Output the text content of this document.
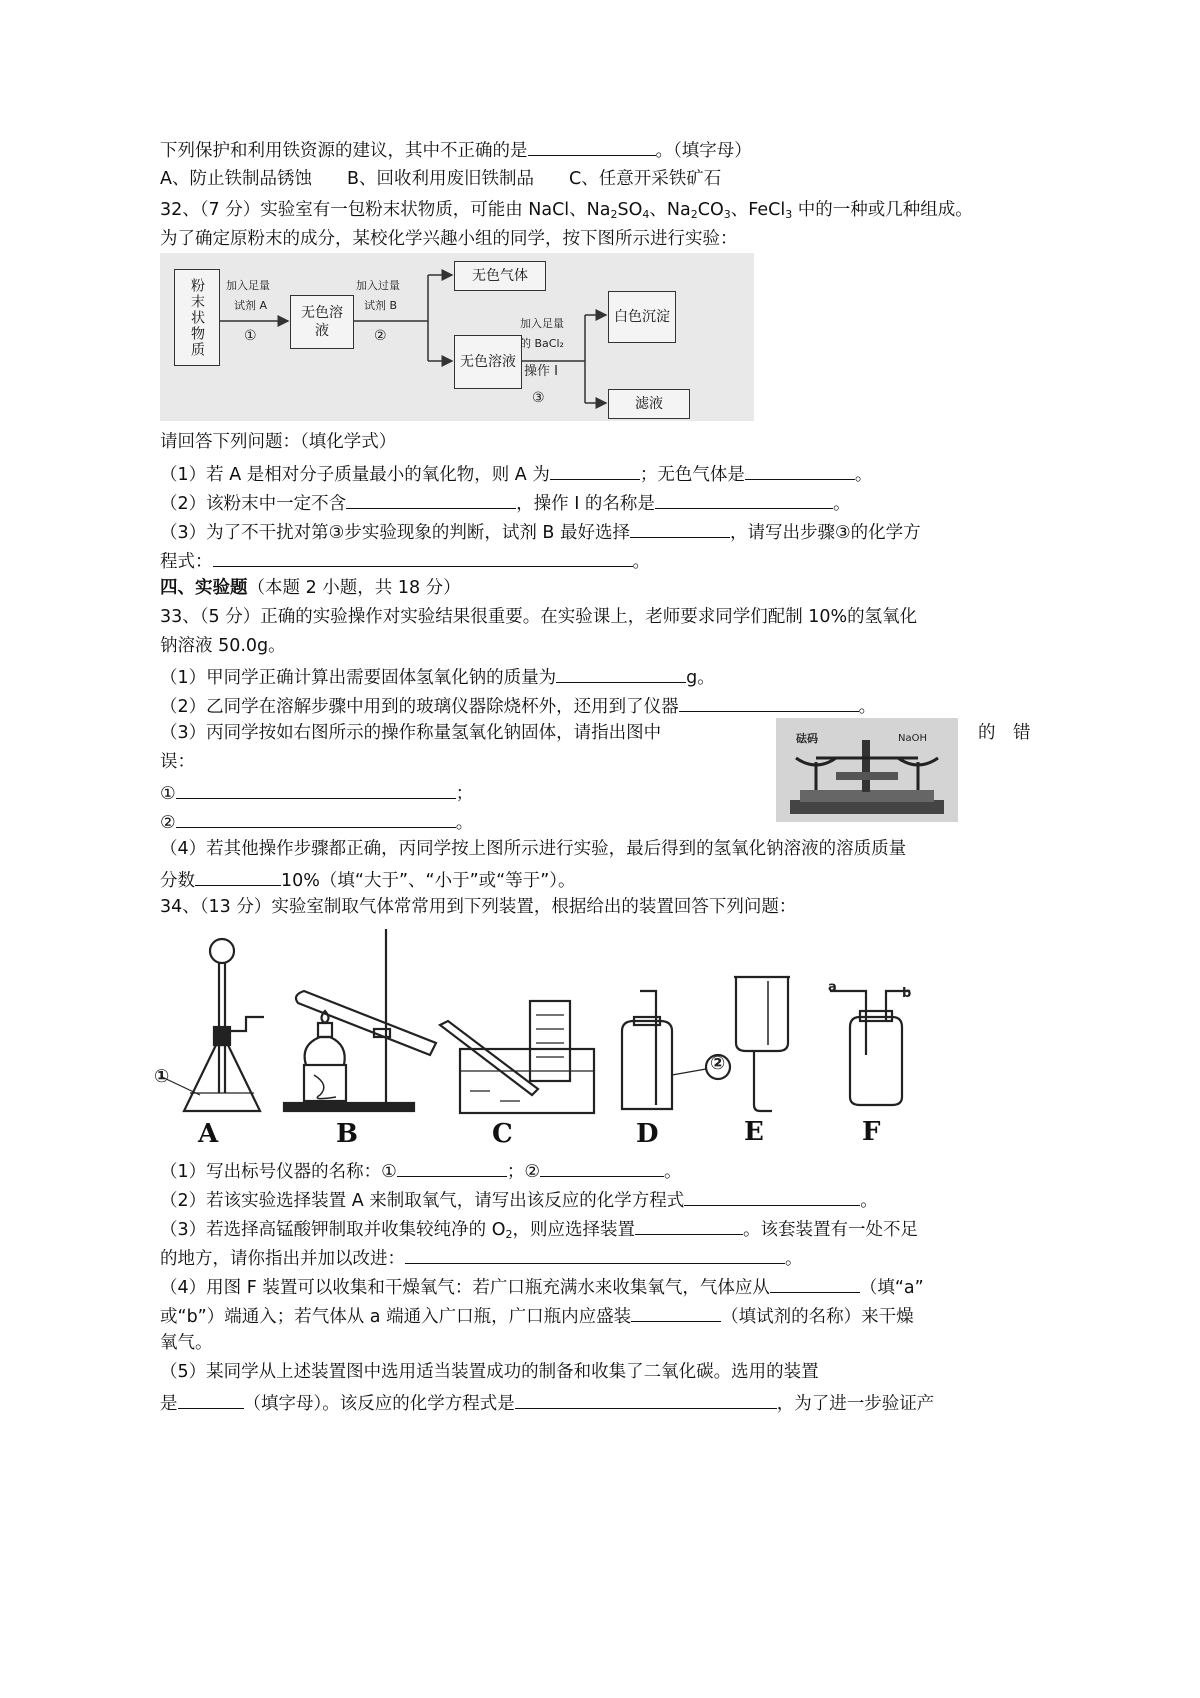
下列保护和利用铁资源的建议，其中不正确的是	。（填字母）
A、防止铁制品锈蚀　　B、回收利用废旧铁制品　　C、任意开采铁矿石
32、（7 分）实验室有一包粉末状物质，可能由 NaCl、$Na_2SO_4$、$Na_2CO_3$、FeCl$_3$ 中的一种或几种组成。
为了确定原粉末的成分，某校化学兴趣小组的同学，按下图所示进行实验：
粉末状物质	加入足量
试剂 A
①
无色溶液
加入过量
试剂 B
②
无色气体
无色溶液
加入足量
的 BaCl₂
操作 I
③
白色沉淀
滤液
请回答下列问题：（填化学式）
（1）若 A 是相对分子质量最小的氧化物，则 A 为	；无色气体是	。
（2）该粉末中一定不含	，操作 I 的名称是	。
（3）为了不干扰对第③步实验现象的判断，试剂 B 最好选择	，请写出步骤③的化学方
程式：	。
四、实验题（本题 2 小题，共 18 分）
33、（5 分）正确的实验操作对实验结果很重要。在实验课上，老师要求同学们配制 10%的氢氧化
钠溶液 50.0g。
（1）甲同学正确计算出需要固体氢氧化钠的质量为	g。
（2）乙同学在溶解步骤中用到的玻璃仪器除烧杯外，还用到了仪器	。
（3）丙同学按如右图所示的操作称量氢氧化钠固体，请指出图中	的　错
误：
①	；
②	。
砝码	NaOH
（4）若其他操作步骤都正确，丙同学按上图所示进行实验，最后得到的氢氧化钠溶液的溶质质量
分数	10%（填“大于”、“小于”或“等于”）。
34、（13 分）实验室制取气体常常用到下列装置，根据给出的装置回答下列问题：
①
②
a	b
A	B	C	D	E	F
（1）写出标号仪器的名称：①	；②	。
（2）若该实验选择装置 A 来制取氧气，请写出该反应的化学方程式	。
（3）若选择高锰酸钾制取并收集较纯净的 $O_2$，则应选择装置	。该套装置有一处不足
的地方，请你指出并加以改进：	。
（4）用图 F 装置可以收集和干燥氧气：若广口瓶充满水来收集氧气，气体应从	（填“a”
或“b”）端通入；若气体从 a 端通入广口瓶，广口瓶内应盛装	（填试剂的名称）来干燥
氧气。
（5）某同学从上述装置图中选用适当装置成功的制备和收集了二氧化碳。选用的装置
是	（填字母）。该反应的化学方程式是	，为了进一步验证产
